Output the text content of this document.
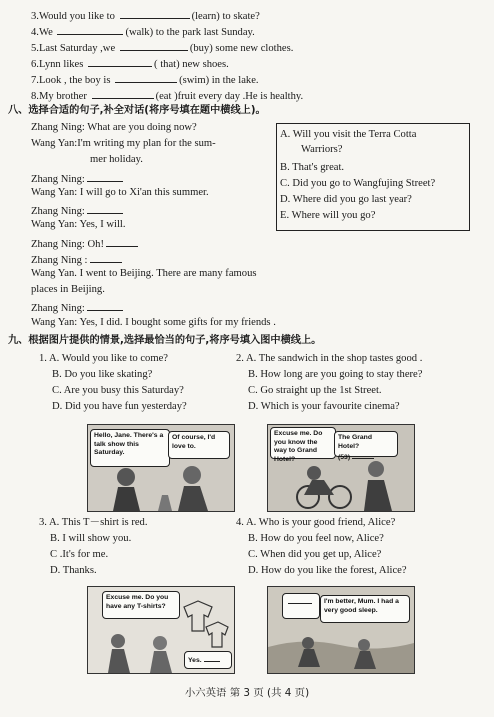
3.Would you like to	(learn) to skate?
4.We	(walk) to the park last Sunday.
5.Last Saturday ,we	(buy) some new clothes.
6.Lynn likes	( that) new shoes.
7.Look , the boy is	(swim) in the lake.
8.My brother	(eat )fruit every day .He is healthy.
八、选择合适的句子,补全对话(将序号填在题中横线上)。
Zhang Ning: What are you doing now?
Wang Yan:I'm writing my plan for the sum-
mer holiday.
Zhang Ning:
Wang Yan: I will go to Xi'an this summer.
Zhang Ning:
Wang Yan: Yes, I will.
Zhang Ning: Oh!
Zhang Ning :
Wang Yan. I went to Beijing. There are many famous
places in Beijing.
Zhang Ning:
Wang Yan: Yes, I did. I bought some gifts for my friends .
A. Will you visit the Terra Cotta
Warriors?
B. That's great.
C. Did you go to Wangfujing Street?
D. Where did you go last year?
E. Where will you go?
九、根据图片提供的情景,选择最恰当的句子,将序号填入图中横线上。
1. A. Would you like to come?
B. Do you like skating?
C. Are you busy this Saturday?
D. Did you have fun yesterday?
2. A. The sandwich in the shop tastes good .
B. How long are you going to stay there?
C. Go straight up the 1st Street.
D. Which is your favourite cinema?
Hello, Jane. There's a talk show this Saturday.
Of course, I'd love to.
Excuse me. Do you know the way to Grand Hotel?
The Grand Hotel?
(53)
3. A. This T－shirt is red.
B. I will show you.
C .It's for me.
D. Thanks.
4. A. Who is your good friend, Alice?
B. How do you feel now, Alice?
C. When did you get up, Alice?
D. How do you like the forest, Alice?
Excuse me. Do you have any T-shirts?
Yes.
I'm better, Mum. I had a very good sleep.
小六英语 第 3 页 (共 4 页)
